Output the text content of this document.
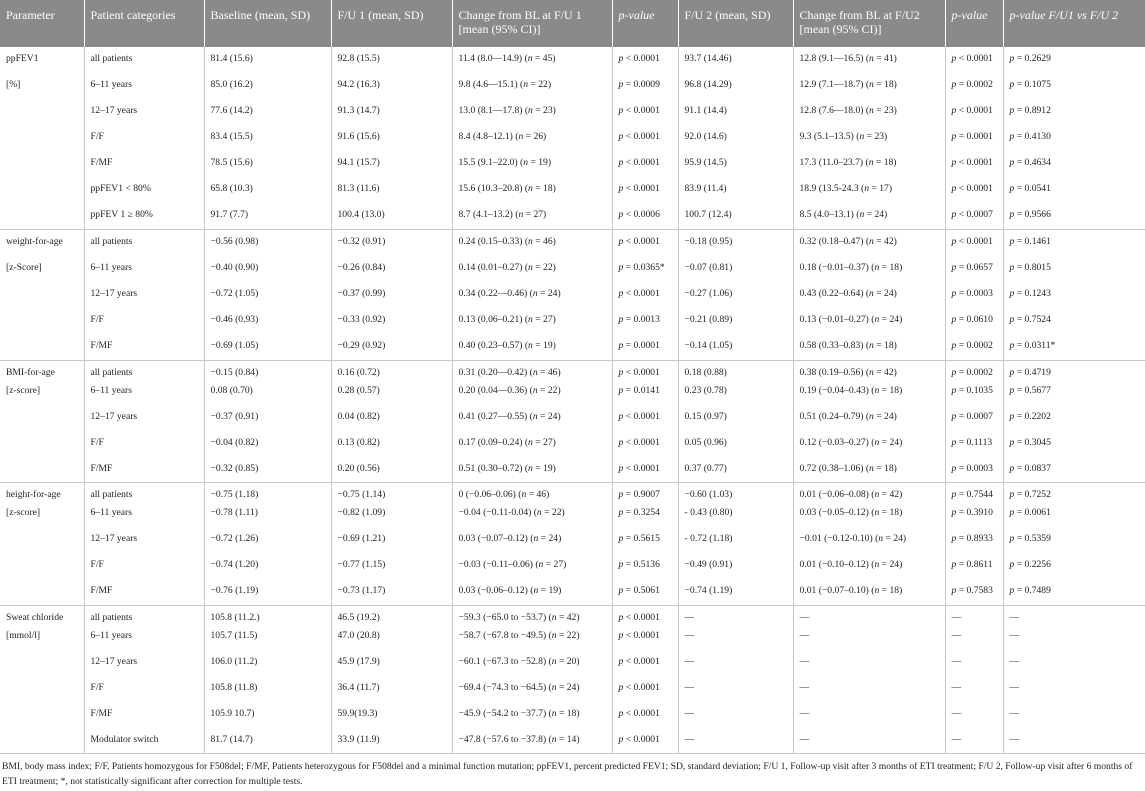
Parameter	Patient categories	Baseline (mean, SD)	F/U 1 (mean, SD)	Change from BL at F/U 1 [mean (95% CI)]	p-value	F/U 2 (mean, SD)	Change from BL at F/U2 [mean (95% CI)]	p-value	p-value F/U1 vs F/U 2

ppFEV1	all patients	81.4 (15.6)	92.8 (15.5)	11.4 (8.0—14.9) (n = 45)	p < 0.0001	93.7 (14.46)	12.8 (9.1—16.5) (n = 41)	p < 0.0001	p = 0.2629

[%]	6–11 years	85.0 (16.2)	94.2 (16.3)	9.8 (4.6—15.1) (n = 22)	p = 0.0009	96.8 (14.29)	12.9 (7.1—18.7) (n = 18)	p = 0.0002	p = 0.1075

	12–17 years	77.6 (14.2)	91.3 (14.7)	13.0 (8.1—17.8) (n = 23)	p < 0.0001	91.1 (14.4)	12.8 (7.6—18.0) (n = 23)	p < 0.0001	p = 0.8912

	F/F	83.4 (15.5)	91.6 (15.6)	8.4 (4.8–12.1) (n = 26)	p < 0.0001	92.0 (14.6)	9.3 (5.1–13.5) (n = 23)	p = 0.0001	p = 0.4130

	F/MF	78.5 (15.6)	94.1 (15.7)	15.5 (9.1–22.0) (n = 19)	p < 0.0001	95.9 (14.5)	17.3 (11.0–23.7) (n = 18)	p < 0.0001	p = 0.4634

	ppFEV1 < 80%	65.8 (10.3)	81.3 (11.6)	15.6 (10.3–20.8) (n = 18)	p < 0.0001	83.9 (11.4)	18.9 (13.5-24.3 (n = 17)	p < 0.0001	p = 0.0541

	ppFEV 1 ≥ 80%	91.7 (7.7)	100.4 (13.0)	8.7 (4.1–13.2) (n = 27)	p < 0.0006	100.7 (12.4)	8.5 (4.0–13.1) (n = 24)	p < 0.0007	p = 0.9566

weight-for-age	all patients	−0.56 (0.98)	−0.32 (0.91)	0.24 (0.15–0.33) (n = 46)	p < 0.0001	−0.18 (0.95)	0.32 (0.18–0.47) (n = 42)	p < 0.0001	p = 0.1461

[z-Score]	6–11 years	−0.40 (0.90)	−0.26 (0.84)	0.14 (0.01–0.27) (n = 22)	p = 0.0365*	−0.07 (0.81)	0.18 (−0.01–0.37) (n = 18)	p = 0.0657	p = 0.8015

	12–17 years	−0.72 (1.05)	−0.37 (0.99)	0.34 (0.22—0.46) (n = 24)	p < 0.0001	−0.27 (1.06)	0.43 (0.22–0.64) (n = 24)	p = 0.0003	p = 0.1243

	F/F	−0.46 (0.93)	−0.33 (0.92)	0.13 (0.06–0.21) (n = 27)	p = 0.0013	−0.21 (0.89)	0.13 (−0.01–0.27) (n = 24)	p = 0.0610	p = 0.7524

	F/MF	−0.69 (1.05)	−0.29 (0.92)	0.40 (0.23–0.57) (n = 19)	p = 0.0001	−0.14 (1.05)	0.58 (0.33–0.83) (n = 18)	p = 0.0002	p = 0.0311*

BMI-for-age	all patients	−0.15 (0.84)	0.16 (0.72)	0.31 (0.20—0.42) (n = 46)	p < 0.0001	0.18 (0.88)	0.38 (0.19–0.56) (n = 42)	p = 0.0002	p = 0.4719

[z-score]	6–11 years	0.08 (0.70)	0.28 (0.57)	0.20 (0.04—0.36) (n = 22)	p = 0.0141	0.23 (0.78)	0.19 (−0.04–0.43) (n = 18)	p = 0.1035	p = 0.5677

	12–17 years	−0.37 (0.91)	0.04 (0.82)	0.41 (0.27—0.55) (n = 24)	p < 0.0001	0.15 (0.97)	0.51 (0.24–0.79) (n = 24)	p = 0.0007	p = 0.2202

	F/F	−0.04 (0.82)	0.13 (0.82)	0.17 (0.09–0.24) (n = 27)	p < 0.0001	0.05 (0.96)	0.12 (−0.03–0.27) (n = 24)	p = 0.1113	p = 0.3045

	F/MF	−0.32 (0.85)	0.20 (0.56)	0.51 (0.30–0.72) (n = 19)	p < 0.0001	0.37 (0.77)	0.72 (0.38–1.06) (n = 18)	p = 0.0003	p = 0.0837

height-for-age	all patients	−0.75 (1.18)	−0.75 (1.14)	0 (−0.06–0.06) (n = 46)	p = 0.9007	−0.60 (1.03)	0.01 (−0.06–0.08) (n = 42)	p = 0.7544	p = 0.7252

[z-score]	6–11 years	−0.78 (1.11)	−0.82 (1.09)	−0.04 (−0.11-0.04) (n = 22)	p = 0.3254	- 0.43 (0.80)	0.03 (−0.05–0.12) (n = 18)	p = 0.3910	p = 0.0061

	12–17 years	−0.72 (1.26)	−0.69 (1.21)	0.03 (−0.07–0.12) (n = 24)	p = 0.5615	- 0.72 (1.18)	−0.01 (−0.12-0.10) (n = 24)	p = 0.8933	p = 0.5359

	F/F	−0.74 (1.20)	−0.77 (1.15)	−0.03 (−0.11–0.06) (n = 27)	p = 0.5136	−0.49 (0.91)	0.01 (−0.10–0.12) (n = 24)	p = 0.8611	p = 0.2256

	F/MF	−0.76 (1.19)	−0.73 (1.17)	0.03 (−0.06–0.12) (n = 19)	p = 0.5061	−0.74 (1.19)	0.01 (−0.07–0.10) (n = 18)	p = 0.7583	p = 0.7489

Sweat chloride	all patients	105.8 (11.2.)	46.5 (19.2)	−59.3 (−65.0 to −53.7) (n = 42)	p < 0.0001	—	—	—	—

[mmol/l]	6–11 years	105.7 (11.5)	47.0 (20.8)	−58.7 (−67.8 to −49.5) (n = 22)	p < 0.0001	—	—	—	—

	12–17 years	106.0 (11.2)	45.9 (17.9)	−60.1 (−67.3 to −52.8) (n = 20)	p < 0.0001	—	—	—	—

	F/F	105.8 (11.8)	36.4 (11.7)	−69.4 (−74.3 to −64.5) (n = 24)	p < 0.0001	—	—	—	—

	F/MF	105.9 10.7)	59.9(19.3)	−45.9 (−54.2 to −37.7) (n = 18)	p < 0.0001	—	—	—	—

	Modulator switch	81.7 (14.7)	33.9 (11.9)	−47.8 (−57.6 to −37.8) (n = 14)	p < 0.0001	—	—	—	—
BMI, body mass index; F/F, Patients homozygous for F508del; F/MF, Patients heterozygous for F508del and a minimal function mutation; ppFEV1, percent predicted FEV1; SD, standard deviation; F/U 1, Follow-up visit after 3 months of ETI treatment; F/U 2, Follow-up visit after 6 months of ETI treatment; *, not statistically significant after correction for multiple tests.
